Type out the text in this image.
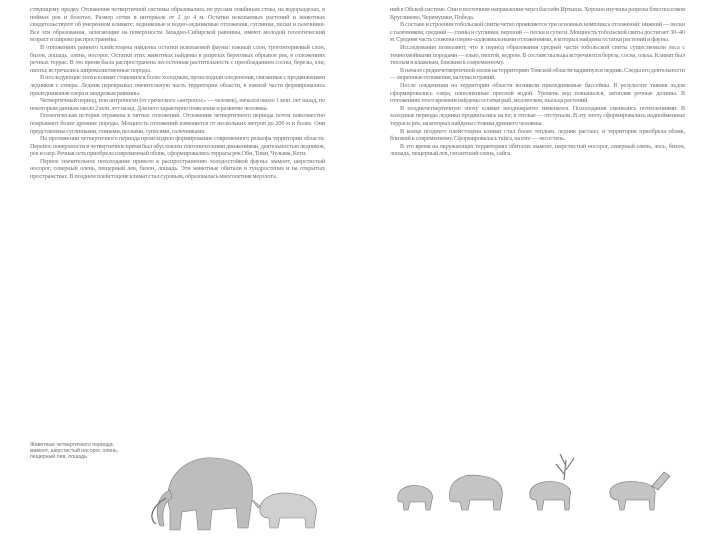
ствующему предку. Отложения четвертичной системы образовались по руслам ложбинам стока, на водоразделах, в поймах рек и болотах. Размер сетки в интервале от 2 до 4 м. Остатки ископаемых растений и животных свидетельствуют об умеренном климате; ледниковые и водно-ледниковые отложения, суглинки, пески и галечники. Все эти образования, залегающие на поверхности Западно-Сибирской равнины, имеют молодой геологический возраст и широко распространены.

В отложениях раннего плейстоцена найдены остатки ископаемой фауны: южный слон, трогонтериевый слон, бизон, лошадь, олень, носорог. Остатки этих животных найдены в разрезах береговых обрывов рек, в отложениях речных террас. В это время была распространена лесостепная растительность с преобладанием сосны, березы, ели, пихты; встречались широколиственные породы.

В последующие эпохи климат становился более холодным, происходили оледенения, связанные с продвижением ледников с севера. Ледник перекрывал значительную часть территории области, в южной части формировались приледниковые озера и зандровые равнины.

Четвертичный период, или антропоген (от греческого «антропос» — человек), начался около 1 млн. лет назад, по некоторым данным около 2 млн. лет назад. Для него характерно появление и развитие человека.

Геологическая история отражена в пятнах отложений. Отложения четвертичного периода почти повсеместно покрывают более древние породы. Мощность отложений изменяется от нескольких метров до 200 м и более. Они представлены суглинками, глинами, песками, супесями, галечниками.

На протяжении четвертичного периода происходило формирование современного рельефа территории области. Перенос поверхности в четвертичное время был обусловлен тектоническими движениями, деятельностью ледников, рек и озер. Речная сеть приобрела современный облик, сформировались террасы рек Оби, Томи, Чулыма, Кети.

Первое значительное похолодание привело к распространению холодостойкой фауны: мамонт, шерстистый носорог, северный олень, пещерный лев, бизон, лошадь. Эти животные обитали в тундростепях и на открытых пространствах. В позднем плейстоцене климат стал суровым, образовалась многолетняя мерзлота.

Животные четвертичного периода: мамонт, шерстистый носорог, олень, пещерный лев, лошадь

ний в Обской системе. Они в восточном направлении через бассейн Иртыша. Хорошо изучены разрезы близ поселков Кругликово, Черемушки, Победа.

В составе и строении тобольской свиты четко проявляется три основных комплекса отложений: нижний — пески с галечником, средний — глины и суглинки, верхний — пески и супеси. Мощность тобольской свиты достигает 30–40 м. Средняя часть сложена озерно-аллювиальными отложениями, в которых найдены остатки растений и фауны.

Исследования позволяют, что в период образования средней части тобольской свиты существовали леса с темнохвойными породами — елью, пихтой, кедром. В составе пыльцы встречаются береза, сосна, ольха. Климат был теплым и влажным, близким к современному.

В начале среднечетвертичной эпохи на территорию Томской области надвинулся ледник. Следы его деятельности — моренные отложения, валуны и гравий.

После оледенения на территории области возникли приледниковые бассейны. В результате таяния льдов сформировались озера, наполненные пресной водой. Уровень вод повышался, затопляя речные долины. В отложениях этого времени найдены остатки рыб, моллюсков, пыльца растений.

В позднечетвертичную эпоху климат неоднократно изменялся. Похолодания сменялись потеплениями. В холодные периоды ледники продвигались на юг, в теплые — отступали. В эту эпоху сформировались надпойменные террасы рек, на которых найдены стоянки древнего человека.

В конце позднего плейстоцена климат стал более теплым, ледник растаял, и территория приобрела облик, близкий к современному. Сформировалась тайга, на юге — лесостепь.

В это время на окружающих территориях обитали: мамонт, шерстистый носорог, северный олень, лось, бизон, лошадь, пещерный лев, гигантский олень, сайга.
